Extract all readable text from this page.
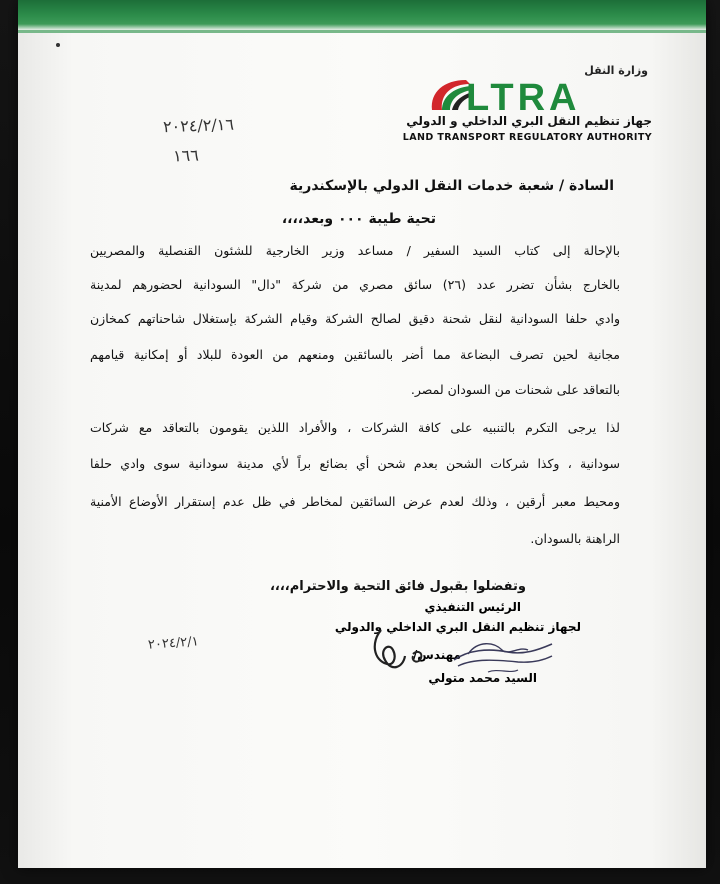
وزارة النقل
LTRA
جهاز تنظيم النقل البري الداخلي و الدولي
LAND TRANSPORT REGULATORY AUTHORITY
٢٠٢٤/٢/١٦
١٦٦
السادة / شعبة خدمات النقل الدولي بالإسكندرية
تحية طيبة ٠٠٠ وبعد،،،،
بالإحالة إلى كتاب السيد السفير / مساعد وزير الخارجية للشئون القنصلية والمصريين
بالخارج بشأن تضرر عدد (٢٦) سائق مصري من شركة "دال" السودانية لحضورهم لمدينة
وادي حلفا السودانية لنقل شحنة دقيق لصالح الشركة وقيام الشركة بإستغلال شاحناتهم كمخازن
مجانية لحين تصرف البضاعة مما أضر بالسائقين ومنعهم من العودة للبلاد أو إمكانية قيامهم
بالتعاقد على شحنات من السودان لمصر.
لذا يرجى التكرم بالتنبيه على كافة الشركات ، والأفراد اللذين يقومون بالتعاقد مع شركات
سودانية ، وكذا شركات الشحن بعدم شحن أي بضائع براً لأي مدينة سودانية سوى وادي حلفا
ومحيط معبر أرقين ، وذلك لعدم عرض السائقين لمخاطر في ظل عدم إستقرار الأوضاع الأمنية
الراهنة بالسودان.
وتفضلوا بقبول فائق التحية والاحترام،،،،
الرئيس التنفيذي
لجهاز تنظيم النقل البري الداخلي والدولي
مهندس/
السيد محمد متولي
٢٠٢٤/٢/١
